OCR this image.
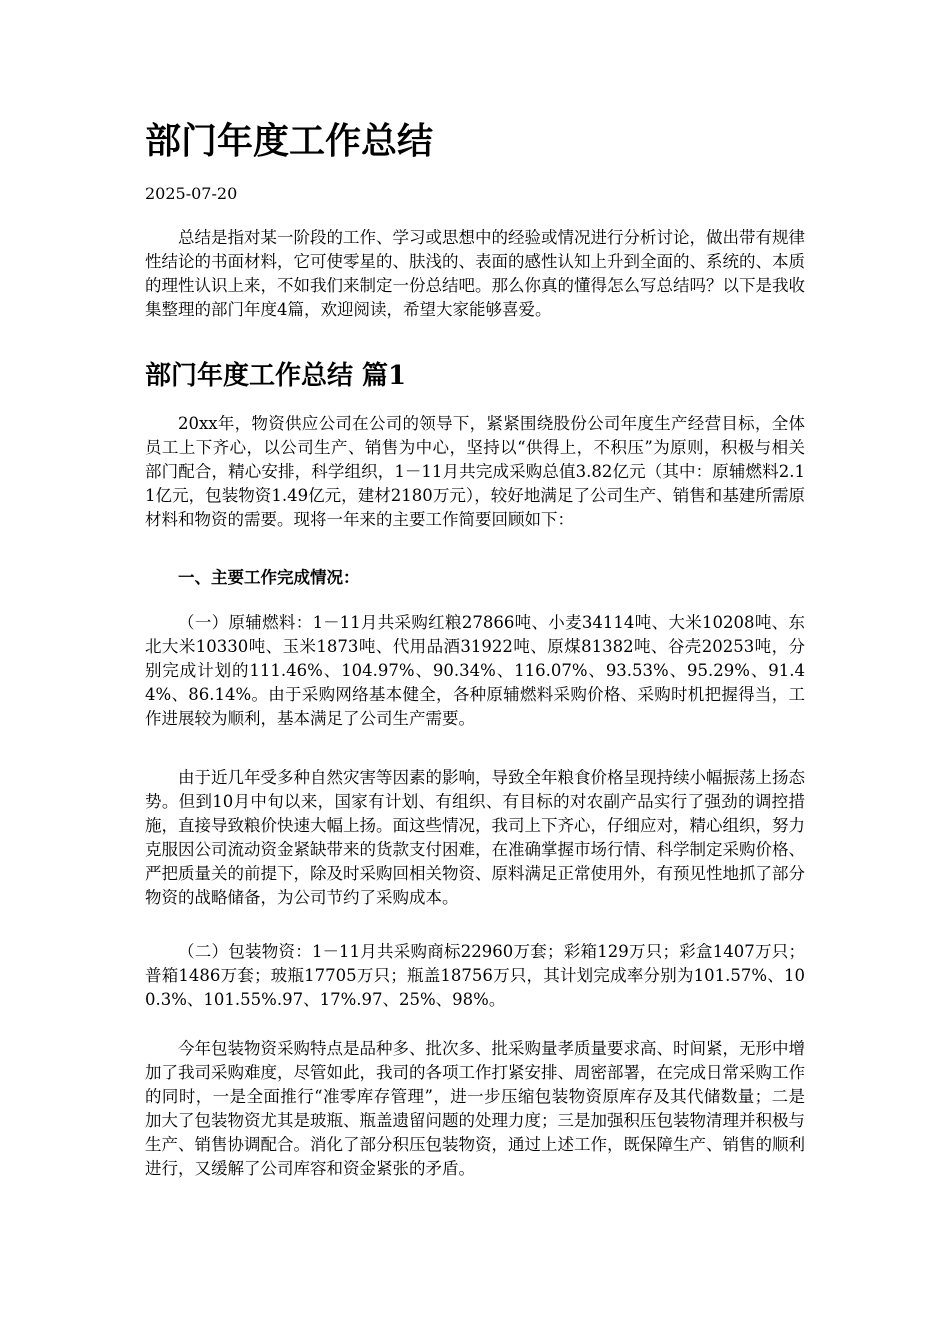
部门年度工作总结
2025-07-20

总结是指对某一阶段的工作、学习或思想中的经验或情况进行分析讨论，做出带有规律性结论的书面材料，它可使零星的、肤浅的、表面的感性认知上升到全面的、系统的、本质的理性认识上来，不如我们来制定一份总结吧。那么你真的懂得怎么写总结吗？以下是我收集整理的部门年度4篇，欢迎阅读，希望大家能够喜爱。

部门年度工作总结 篇1

20xx年，物资供应公司在公司的领导下，紧紧围绕股份公司年度生产经营目标，全体员工上下齐心，以公司生产、销售为中心，坚持以“供得上，不积压”为原则，积极与相关部门配合，精心安排，科学组织，1－11月共完成采购总值3.82亿元（其中：原辅燃料2.11亿元，包装物资1.49亿元，建材2180万元），较好地满足了公司生产、销售和基建所需原材料和物资的需要。现将一年来的主要工作简要回顾如下：

一、主要工作完成情况：

（一）原辅燃料：1－11月共采购红粮27866吨、小麦34114吨、大米10208吨、东北大米10330吨、玉米1873吨、代用品酒31922吨、原煤81382吨、谷壳20253吨，分别完成计划的111.46%、104.97%、90.34%、116.07%、93.53%、95.29%、91.44%、86.14%。由于采购网络基本健全，各种原辅燃料采购价格、采购时机把握得当，工作进展较为顺利，基本满足了公司生产需要。

由于近几年受多种自然灾害等因素的影响，导致全年粮食价格呈现持续小幅振荡上扬态势。但到10月中旬以来，国家有计划、有组织、有目标的对农副产品实行了强劲的调控措施，直接导致粮价快速大幅上扬。面这些情况，我司上下齐心，仔细应对，精心组织，努力克服因公司流动资金紧缺带来的货款支付困难，在准确掌握市场行情、科学制定采购价格、严把质量关的前提下，除及时采购回相关物资、原料满足正常使用外，有预见性地抓了部分物资的战略储备，为公司节约了采购成本。

（二）包装物资：1－11月共采购商标22960万套；彩箱129万只；彩盒1407万只；普箱1486万套；玻瓶17705万只；瓶盖18756万只，其计划完成率分别为101.57%、100.3%、101.55%.97、17%.97、25%、98%。

今年包装物资采购特点是品种多、批次多、批采购量孝质量要求高、时间紧，无形中增加了我司采购难度，尽管如此，我司的各项工作打紧安排、周密部署，在完成日常采购工作的同时，一是全面推行“准零库存管理”，进一步压缩包装物资原库存及其代储数量；二是加大了包装物资尤其是玻瓶、瓶盖遗留问题的处理力度；三是加强积压包装物清理并积极与生产、销售协调配合。消化了部分积压包装物资，通过上述工作，既保障生产、销售的顺利进行，又缓解了公司库容和资金紧张的矛盾。
